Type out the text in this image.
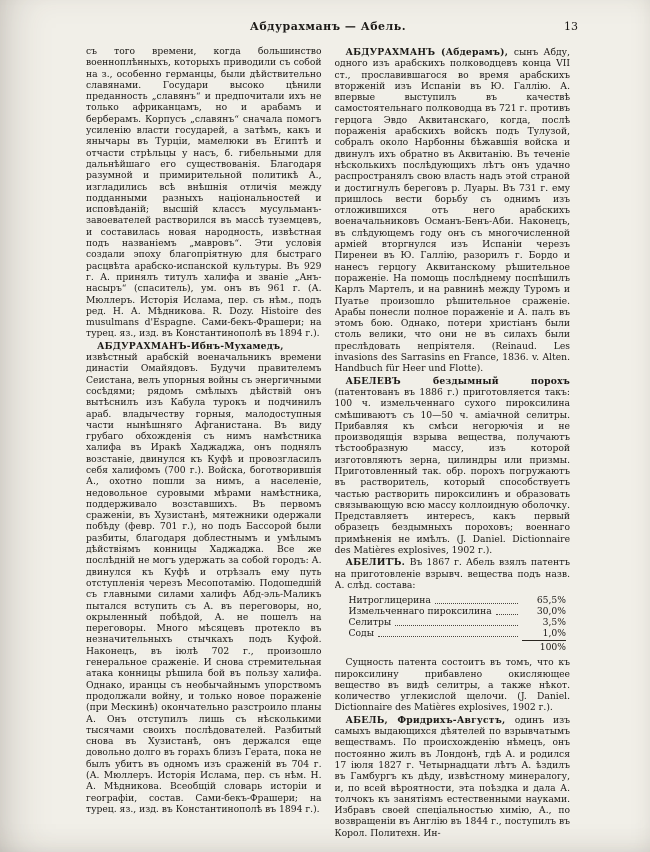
Абдурахманъ — Абель.	13

съ того времени, когда большинство военноплѣнныхъ, которыхъ приводили съ собой на з., особенно германцы, были дѣйствительно славянами. Государи высоко цѣнили преданность „славянъ“ и предпочитали ихъ не только африканцамъ, но и арабамъ и берберамъ. Корпусъ „славянъ“ сначала помогъ усиленію власти государей, а затѣмъ, какъ и янычары въ Турціи, мамелюки въ Египтѣ и отчасти стрѣльцы у насъ, б. гибельными для дальнѣйшаго его существованія. Благодаря разумной и примирительной политикѣ А., изгладились всѣ внѣшнія отличія между подданными разныхъ національностей и исповѣданій; высшій классъ мусульманъ-завоевателей растворился въ массѣ туземцевъ, и составилась новая народность, извѣстная подъ названіемъ „мавровъ“. Эти условія создали эпоху благопріятную для быстраго расцвѣта арабско-испанской культуры. Въ 929 г. А. принялъ титулъ халифа и званіе „Анъ-насыръ“ (спаситель), ум. онъ въ 961 г. (А. Мюллеръ. Исторія Ислама, пер. съ нѣм., подъ ред. Н. А. Мѣдникова. R. Dozy. Histoire des musulmans d'Espagne. Сами-бекъ-Фрашери; на турец. яз., изд. въ Константинополѣ въ 1894 г.).

АБДУРАХМАНЪ-Ибнъ-Мухамедъ,извѣстный арабскій военачальникъ времени династіи Омайядовъ. Будучи правителемъ Сеистана, велъ упорныя войны съ энергичными сосѣдями; рядомъ смѣлыхъ дѣйствій онъ вытѣснилъ изъ Кабула турокъ и подчинилъ араб. владычеству горныя, малодоступныя части нынѣшняго Афганистана. Въ виду грубаго обхожденія съ нимъ намѣстника халифа въ Иракѣ Хаджаджа, онъ поднялъ возстаніе, двинулся къ Куфѣ и провозгласилъ себя халифомъ (700 г.). Войска, боготворившія А., охотно пошли за нимъ, а населеніе, недовольное суровыми мѣрами намѣстника, поддерживало возставшихъ. Въ первомъ сраженіи, въ Хузистанѣ, мятежники одержали побѣду (февр. 701 г.), но подъ Бассорой были разбиты, благодаря доблестнымъ и умѣлымъ дѣйствіямъ конницы Хаджаджа. Все же послѣдній не могъ удержать за собой городъ: А. двинулся къ Куфѣ и отрѣзалъ ему путь отступленія черезъ Месопотамію. Подошедшій съ главными силами халифъ Абд-эль-Маликъ пытался вступить съ А. въ переговоры, но, окрыленный побѣдой, А. не пошелъ на переговоры. Много мѣсяцевъ протекло въ незначительныхъ стычкахъ подъ Куфой. Наконецъ, въ іюлѣ 702 г., произошло генеральное сраженіе. И снова стремительная атака конницы рѣшила бой въ пользу халифа. Однако, иранцы съ необычайнымъ упорствомъ продолжали войну, и только новое пораженіе (при Мескинѣ) окончательно разстроило планы А. Онъ отступилъ лишь съ нѣсколькими тысячами своихъ послѣдователей. Разбитый снова въ Хузистанѣ, онъ держался еще довольно долго въ горахъ близъ Герата, пока не былъ убитъ въ одномъ изъ сраженій въ 704 г. (А. Мюллеръ. Исторія Ислама, пер. съ нѣм. Н. А. Мѣдникова. Всеобщій словарь исторіи и географіи, состав. Сами-бекъ-Фрашери; на турец. яз., изд. въ Константинополѣ въ 1894 г.).

АБДУРАХМАНЪ (Абдерамъ), сынъ Абду, одного изъ арабскихъ полководцевъ конца VII ст., прославившагося во время арабскихъ вторженій изъ Испаніи въ Ю. Галлію. А. впервые выступилъ въ качествѣ самостоятельнаго полководца въ 721 г. противъ герцога Эвдо Аквитанскаго, когда, послѣ пораженія арабскихъ войскъ подъ Тулузой, собралъ около Нарбонны бѣжавшія войска и двинулъ ихъ обратно въ Аквитанію. Въ теченіе нѣсколькихъ послѣдующихъ лѣтъ онъ удачно распространялъ свою власть надъ этой страной и достигнулъ береговъ р. Луары. Въ 731 г. ему пришлось вести борьбу съ однимъ изъ отложившихся отъ него арабскихъ военачальниковъ Османъ-Бенъ-Аби. Наконецъ, въ слѣдующемъ году онъ съ многочисленной арміей вторгнулся изъ Испаніи черезъ Пиренеи въ Ю. Галлію, разорилъ г. Бордо и нанесъ герцогу Аквитанскому рѣшительное пораженіе. На помощь послѣднему поспѣшилъ Карлъ Мартелъ, и на равнинѣ между Туромъ и Пуатье произошло рѣшительное сраженіе. Арабы понесли полное пораженіе и А. палъ въ этомъ бою. Однако, потери христіанъ были столь велики, что они не въ силахъ были преслѣдовать непріятеля. (Reinaud. Les invasions des Sarrasins en France, 1836. v. Alten. Handbuch für Heer und Flotte).

АБЕЛЕВЪ бездымный порохъ(патентованъ въ 1886 г.) приготовляется такъ: 100 ч. измельченнаго сухого пироксилина смѣшиваютъ съ 10—50 ч. аміачной селитры. Прибавляя къ смѣси негорючія и не производящія взрыва вещества, получаютъ тѣстообразную массу, изъ которой изготовляютъ зерна, цилиндры или призмы. Приготовленный так. обр. порохъ погружаютъ въ растворитель, который способствуетъ частью растворить пироксилинъ и образовать связывающую всю массу коллоидную оболочку. Представляетъ интересъ, какъ первый образецъ бездымныхъ пороховъ; военнаго примѣненія не имѣлъ. (J. Daniel. Dictionnaire des Matières explosives, 1902 г.).

АБЕЛИТЪ. Въ 1867 г. Абель взялъ патентъ на приготовленіе взрывч. вещества подъ назв. А. слѣд. состава:

Нитроглицерина	65,5%
Измельченнаго пироксилина	30,0%
Селитры	3,5%
Соды	1,0%
100%

Сущность патента состоитъ въ томъ, что къ пироксилину прибавлено окисляющее вещество въ видѣ селитры, а также нѣкот. количество углекислой щелочи. (J. Daniel. Dictionnaire des Matières explosives, 1902 г.).

АБЕЛЬ, Фридрихъ-Августъ, одинъ изъ самыхъ выдающихся дѣятелей по взрывчатымъ веществамъ. По происхожденію нѣмецъ, онъ постоянно жилъ въ Лондонѣ, гдѣ А. и родился 17 іюля 1827 г. Четырнадцати лѣтъ А. ѣздилъ въ Гамбургъ къ дѣду, извѣстному минералогу, и, по всей вѣроятности, эта поѣздка и дала А. толчокъ къ занятіямъ естественными науками. Избравъ своей спеціальностью химію, А., по возвращеніи въ Англію въ 1844 г., поступилъ въ Корол. Политехн. Ин-
